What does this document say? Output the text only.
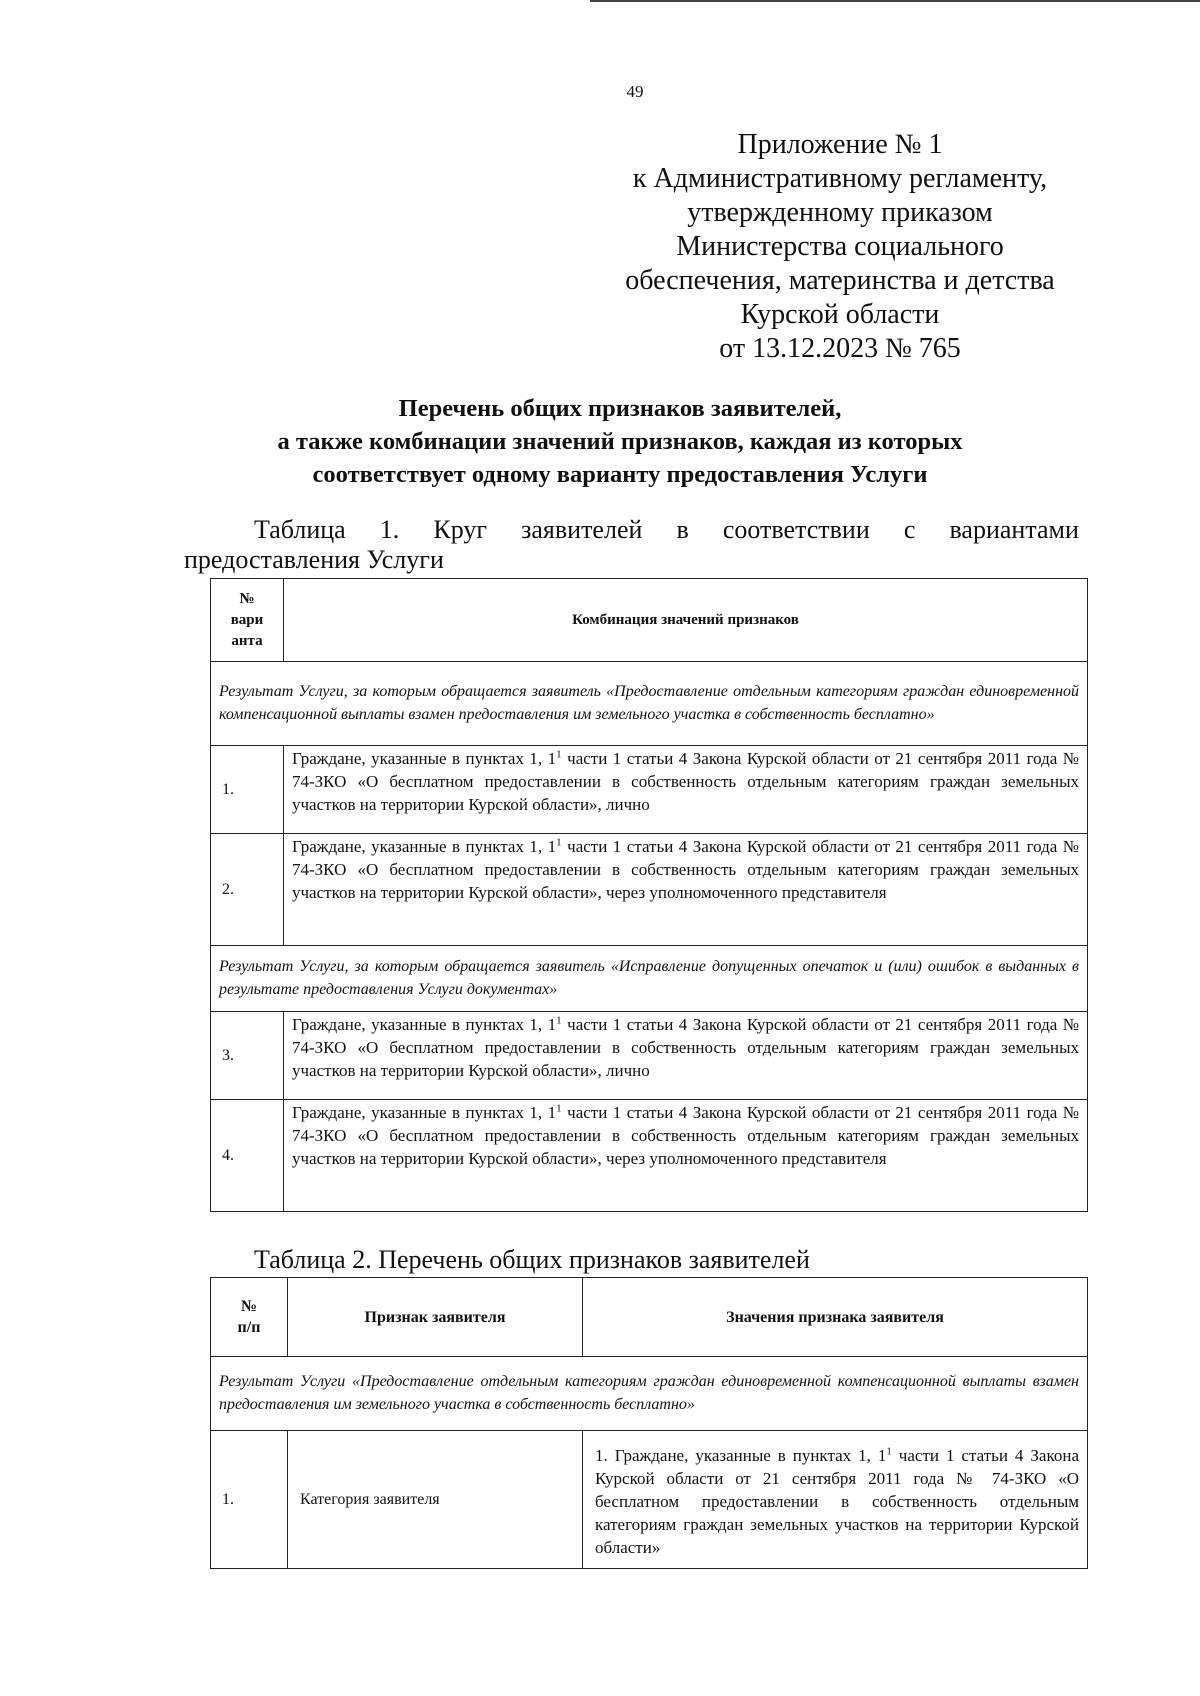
49
Приложение № 1
к Административному регламенту,
утвержденному приказом
Министерства социального
обеспечения, материнства и детства
Курской области
от 13.12.2023 № 765
Перечень общих признаков заявителей,
а также комбинации значений признаков, каждая из которых
соответствует одному варианту предоставления Услуги
Таблица 1. Круг заявителей в соответствии с вариантами
предоставления Услуги
№
вари
анта	Комбинация значений признаков
Результат Услуги, за которым обращается заявитель «Предоставление отдельным категориям граждан единовременной компенсационной выплаты взамен предоставления им земельного участка в собственность бесплатно»	
1.	Граждане, указанные в пунктах 1, $1^1$ части 1 статьи 4 Закона Курской области от 21 сентября 2011 года № 74-ЗКО «О бесплатном предоставлении в собственность отдельным категориям граждан земельных участков на территории Курской области», лично
2.	Граждане, указанные в пунктах 1, $1^1$ части 1 статьи 4 Закона Курской области от 21 сентября 2011 года № 74-ЗКО «О бесплатном предоставлении в собственность отдельным категориям граждан земельных участков на территории Курской области», через уполномоченного представителя
Результат Услуги, за которым обращается заявитель «Исправление допущенных опечаток и (или) ошибок в выданных в результате предоставления Услуги документах»	
3.	Граждане, указанные в пунктах 1, $1^1$ части 1 статьи 4 Закона Курской области от 21 сентября 2011 года № 74-ЗКО «О бесплатном предоставлении в собственность отдельным категориям граждан земельных участков на территории Курской области», лично
4.	Граждане, указанные в пунктах 1, $1^1$ части 1 статьи 4 Закона Курской области от 21 сентября 2011 года № 74-ЗКО «О бесплатном предоставлении в собственность отдельным категориям граждан земельных участков на территории Курской области», через уполномоченного представителя
Таблица 2. Перечень общих признаков заявителей
№
п/п	Признак заявителя	Значения признака заявителя
Результат Услуги «Предоставление отдельным категориям граждан единовременной компенсационной выплаты взамен предоставления им земельного участка в собственность бесплатно»		
1.	Категория заявителя	1. Граждане, указанные в пунктах 1, $1^1$ части 1 статьи 4 Закона Курской области от 21 сентября 2011 года № 74-ЗКО «О бесплатном предоставлении в собственность отдельным категориям граждан земельных участков на территории Курской области»
